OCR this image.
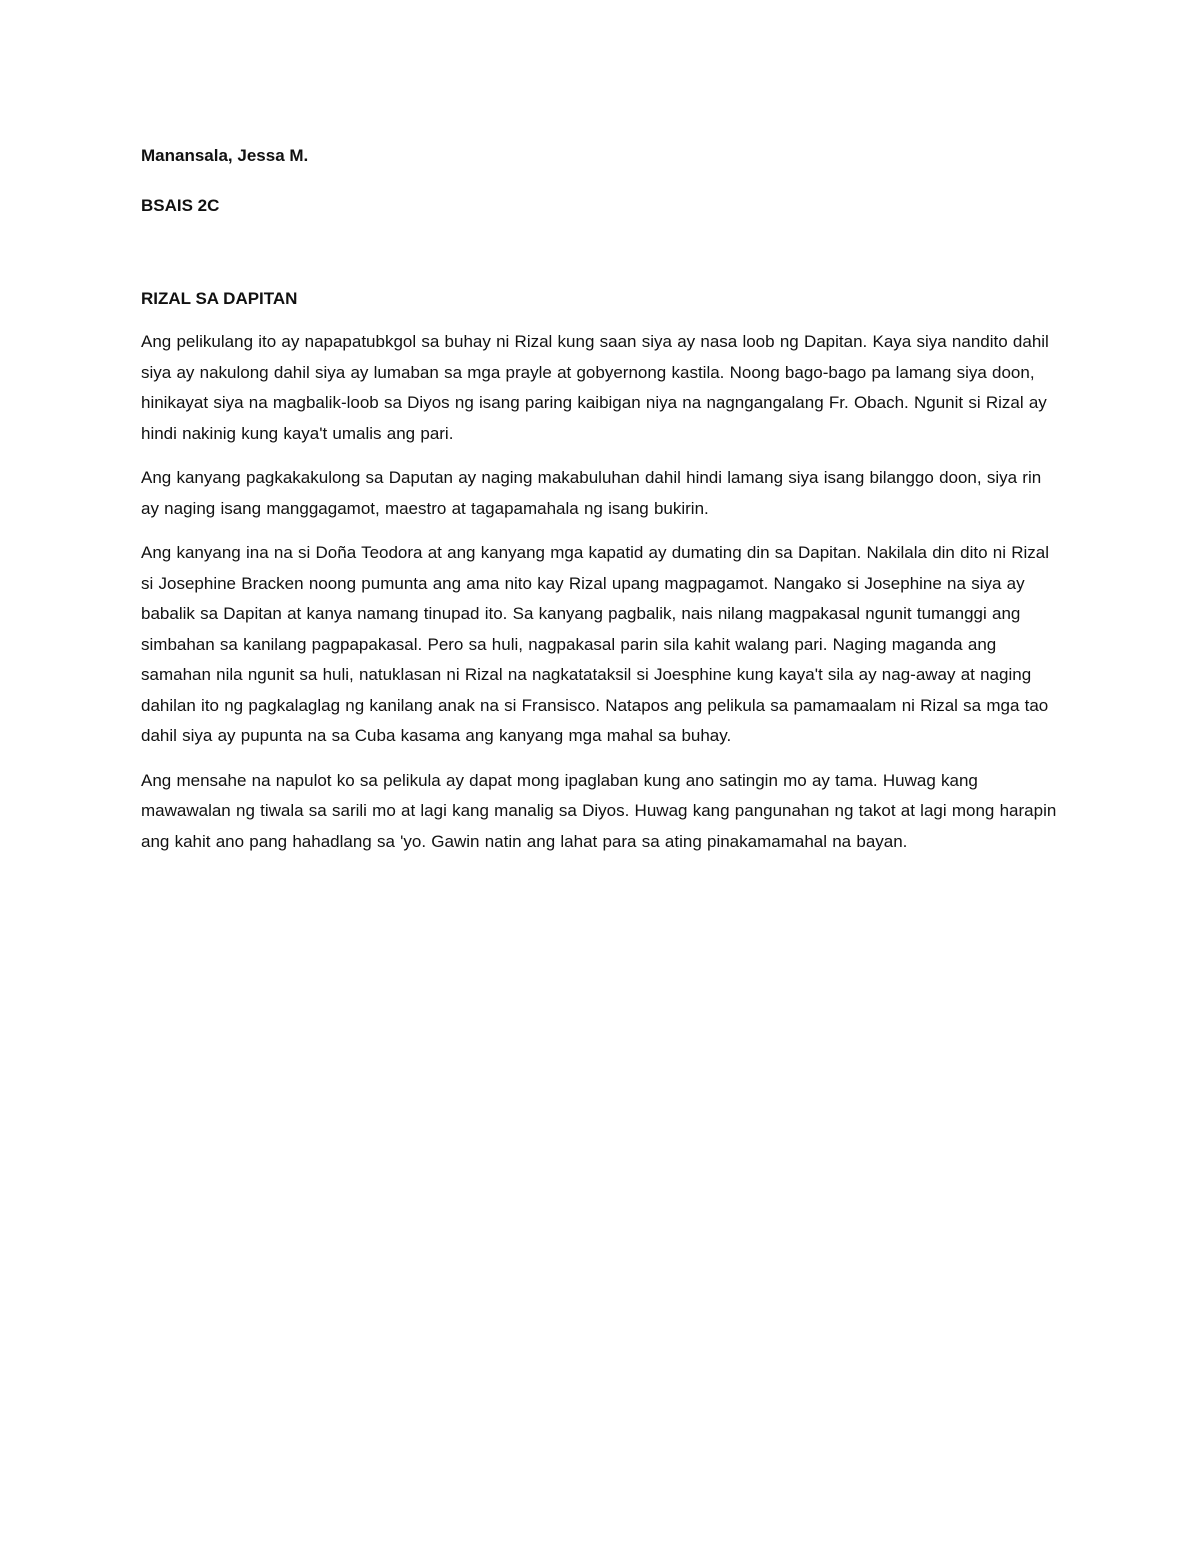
Manansala, Jessa M.

BSAIS 2C

RIZAL SA DAPITAN

Ang pelikulang ito ay napapatubkgol sa buhay ni Rizal kung saan siya ay nasa loob ng Dapitan. Kaya siya nandito dahil siya ay nakulong dahil siya ay lumaban sa mga prayle at gobyernong kastila. Noong bago-bago pa lamang siya doon, hinikayat siya na magbalik-loob sa Diyos ng isang paring kaibigan niya na nagngangalang Fr. Obach. Ngunit si Rizal ay hindi nakinig kung kaya't umalis ang pari.

Ang kanyang pagkakakulong sa Daputan ay naging makabuluhan dahil hindi lamang siya isang bilanggo doon, siya rin ay naging isang manggagamot, maestro at tagapamahala ng isang bukirin.

Ang kanyang ina na si Doña Teodora at ang kanyang mga kapatid ay dumating din sa Dapitan. Nakilala din dito ni Rizal si Josephine Bracken noong pumunta ang ama nito kay Rizal upang magpagamot. Nangako si Josephine na siya ay babalik sa Dapitan at kanya namang tinupad ito. Sa kanyang pagbalik, nais nilang magpakasal ngunit tumanggi ang simbahan sa kanilang pagpapakasal. Pero sa huli, nagpakasal parin sila kahit walang pari. Naging maganda ang samahan nila ngunit sa huli, natuklasan ni Rizal na nagkatataksil si Joesphine kung kaya't sila ay nag-away at naging dahilan ito ng pagkalaglag ng kanilang anak na si Fransisco. Natapos ang pelikula sa pamamaalam ni Rizal sa mga tao dahil siya ay pupunta na sa Cuba kasama ang kanyang mga mahal sa buhay.

Ang mensahe na napulot ko sa pelikula ay dapat mong ipaglaban kung ano satingin mo ay tama. Huwag kang mawawalan ng tiwala sa sarili mo at lagi kang manalig sa Diyos. Huwag kang pangunahan ng takot at lagi mong harapin ang kahit ano pang hahadlang sa 'yo. Gawin natin ang lahat para sa ating pinakamamahal na bayan.
